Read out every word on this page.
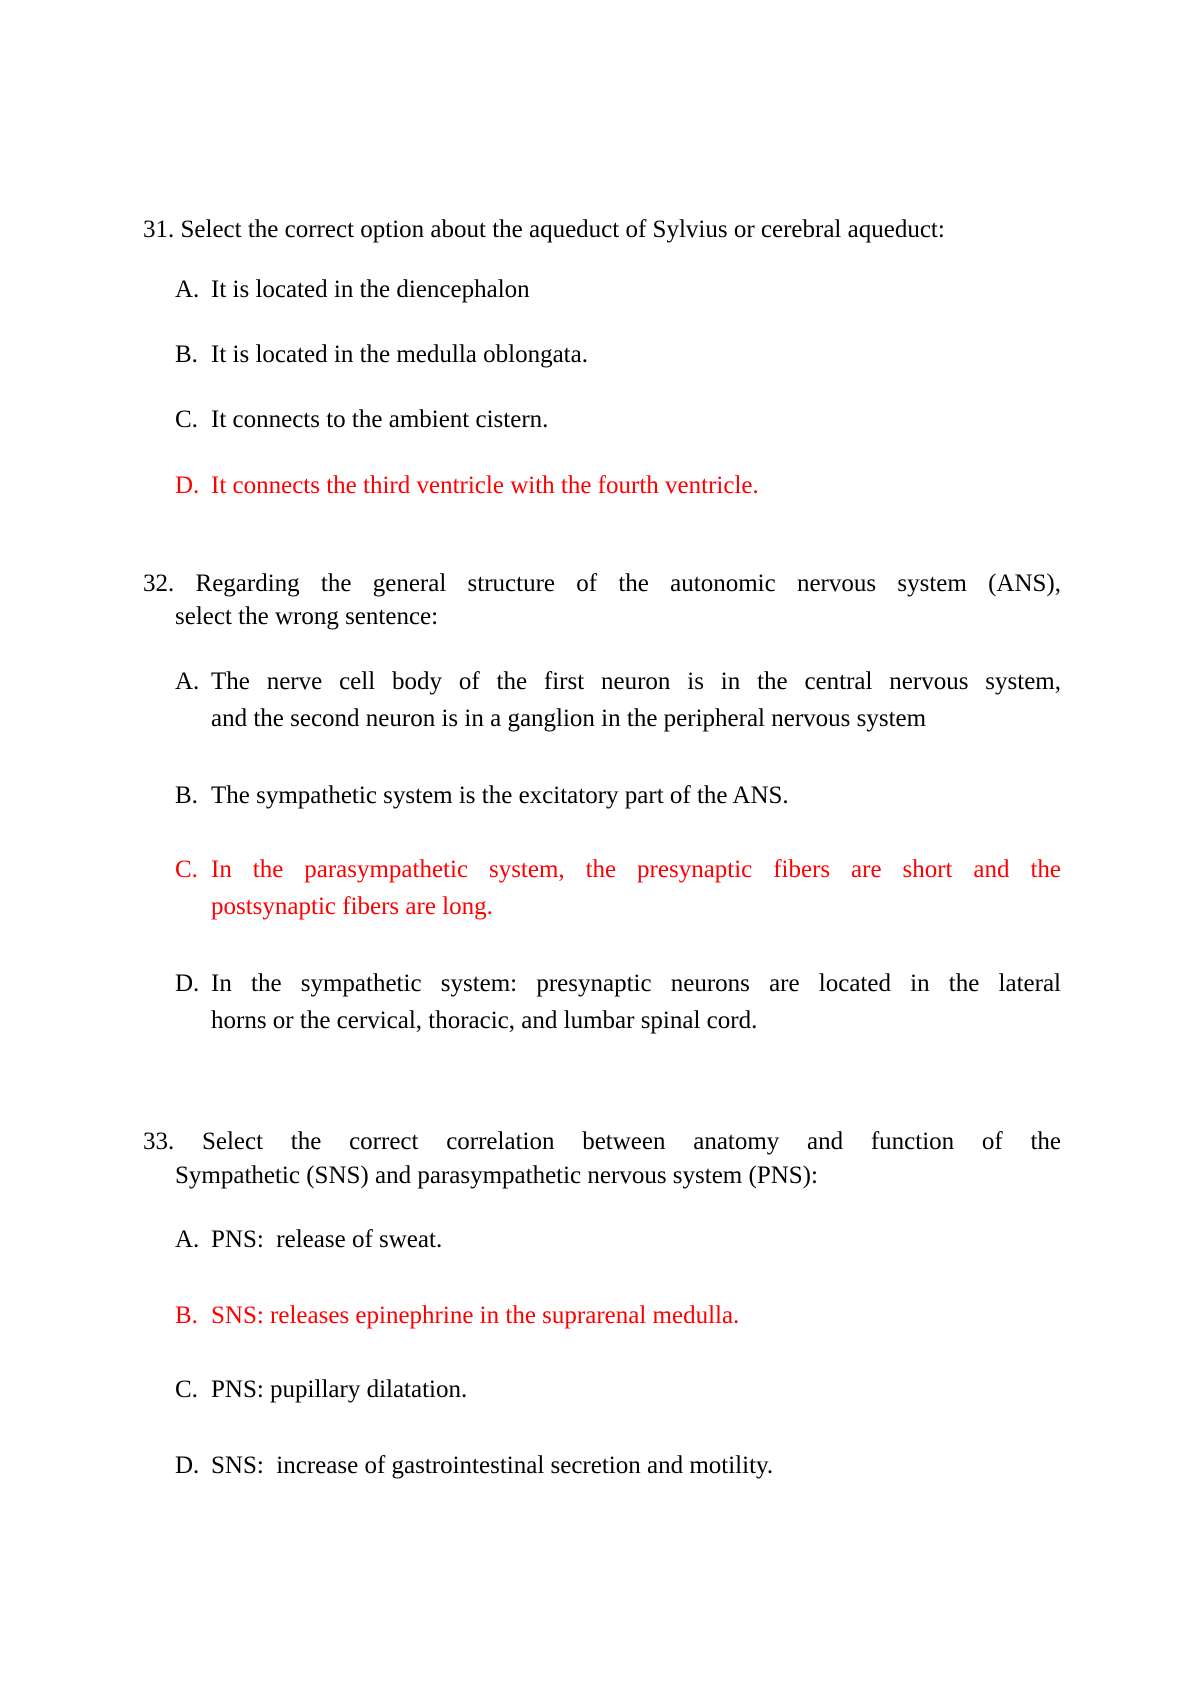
31. Select the correct option about the aqueduct of Sylvius or cerebral aqueduct:
A. It is located in the diencephalon
B. It is located in the medulla oblongata.
C. It connects to the ambient cistern.
D. It connects the third ventricle with the fourth ventricle.
32. Regarding the general structure of the autonomic nervous system (ANS),
select the wrong sentence:
A. The nerve cell body of the first neuron is in the central nervous system,
and the second neuron is in a ganglion in the peripheral nervous system
B. The sympathetic system is the excitatory part of the ANS.
C. In the parasympathetic system, the presynaptic fibers are short and the
postsynaptic fibers are long.
D. In the sympathetic system: presynaptic neurons are located in the lateral
horns or the cervical, thoracic, and lumbar spinal cord.
33. Select the correct correlation between anatomy and function of the
Sympathetic (SNS) and parasympathetic nervous system (PNS):
A. PNS:  release of sweat.
B. SNS: releases epinephrine in the suprarenal medulla.
C. PNS: pupillary dilatation.
D. SNS:  increase of gastrointestinal secretion and motility.
